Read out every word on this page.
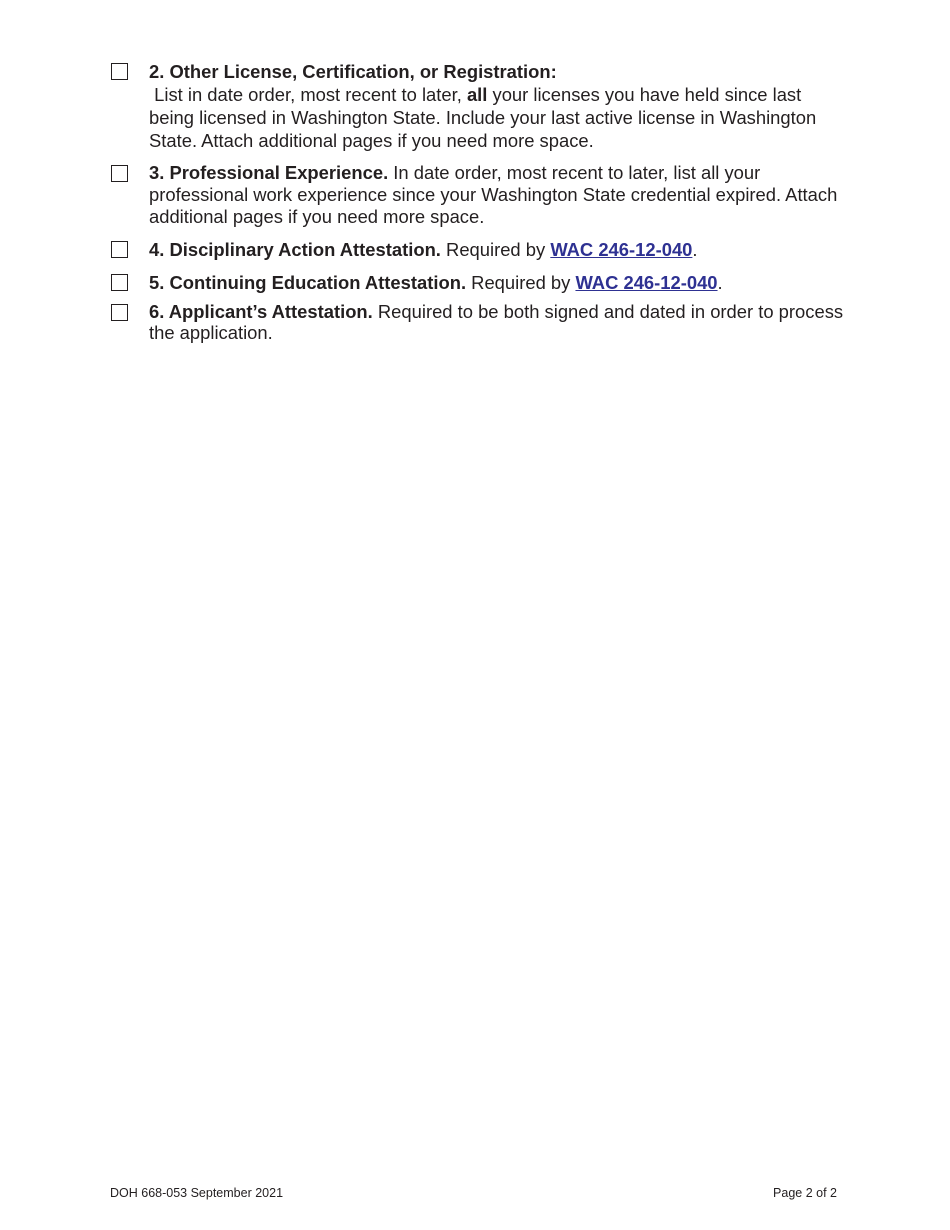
2. Other License, Certification, or Registration:
List in date order, most recent to later, all your licenses you have held since last being licensed in Washington State. Include your last active license in Washington State. Attach additional pages if you need more space.
3. Professional Experience. In date order, most recent to later, list all your professional work experience since your Washington State credential expired. Attach additional pages if you need more space.
4. Disciplinary Action Attestation. Required by WAC 246-12-040.
5. Continuing Education Attestation. Required by WAC 246-12-040.
6. Applicant’s Attestation. Required to be both signed and dated in order to process the application.
DOH 668-053 September 2021	Page 2 of 2
